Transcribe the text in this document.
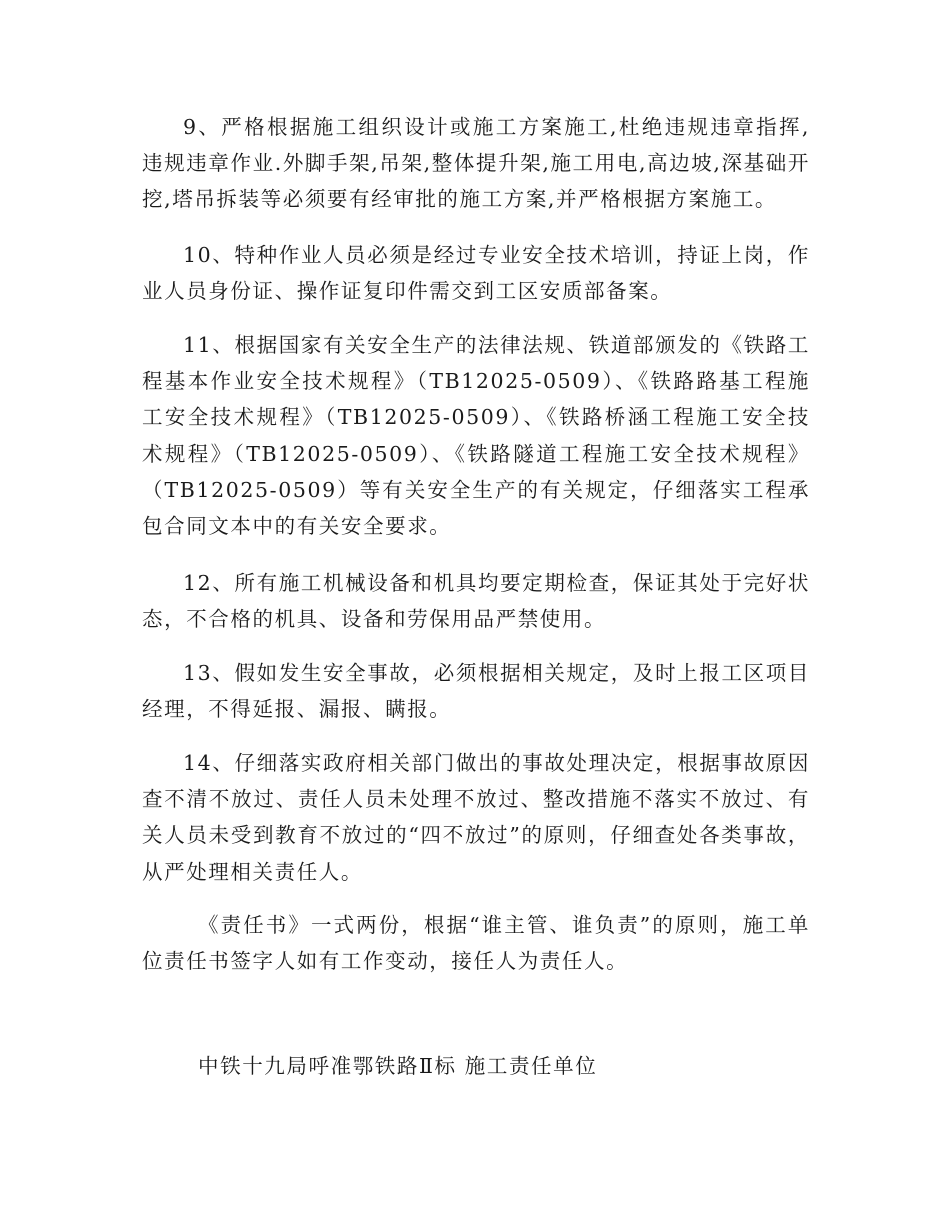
9、严格根据施工组织设计或施工方案施工,杜绝违规违章指挥,违规违章作业.外脚手架,吊架,整体提升架,施工用电,高边坡,深基础开挖,塔吊拆装等必须要有经审批的施工方案,并严格根据方案施工。

10、特种作业人员必须是经过专业安全技术培训，持证上岗，作业人员身份证、操作证复印件需交到工区安质部备案。

11、根据国家有关安全生产的法律法规、铁道部颁发的《铁路工程基本作业安全技术规程》（TB12025-0509）、《铁路路基工程施工安全技术规程》（TB12025-0509）、《铁路桥涵工程施工安全技术规程》（TB12025-0509）、《铁路隧道工程施工安全技术规程》（TB12025-0509）等有关安全生产的有关规定，仔细落实工程承包合同文本中的有关安全要求。

12、所有施工机械设备和机具均要定期检查，保证其处于完好状态，不合格的机具、设备和劳保用品严禁使用。

13、假如发生安全事故，必须根据相关规定，及时上报工区项目经理，不得延报、漏报、瞒报。

14、仔细落实政府相关部门做出的事故处理决定，根据事故原因查不清不放过、责任人员未处理不放过、整改措施不落实不放过、有关人员未受到教育不放过的“四不放过”的原则，仔细查处各类事故，从严处理相关责任人。

《责任书》一式两份，根据“谁主管、谁负责”的原则，施工单位责任书签字人如有工作变动，接任人为责任人。

中铁十九局呼准鄂铁路Ⅱ标 施工责任单位
